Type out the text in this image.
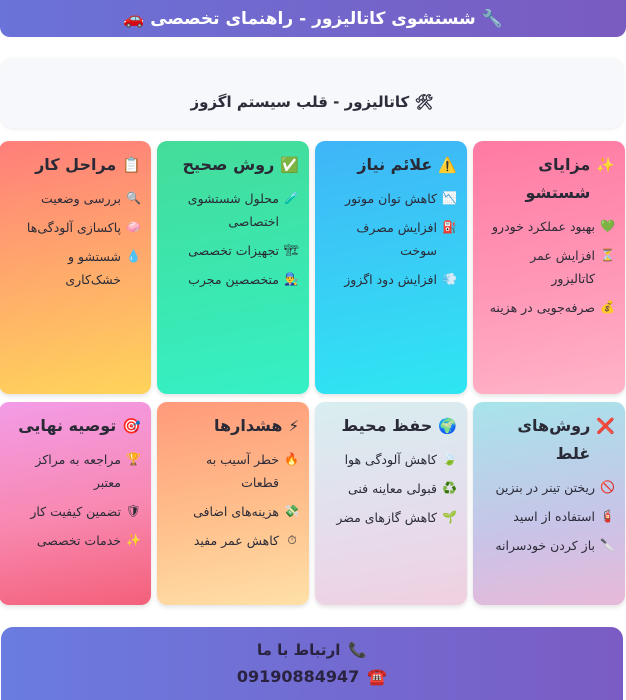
🔧

شستشوی کاتالیزور - راهنمای تخصصی

🚗
🛠

کاتالیزور - قلب سیستم اگزوز
✨
مزایای شستشو
💚
بهبود عملکرد خودرو
⏳
افزایش عمر کاتالیزور
💰
صرفه‌جویی در هزینه
⚠️
علائم نیاز
📉
کاهش توان موتور
⛽
افزایش مصرف سوخت
💨
افزایش دود اگزوز
✅
روش صحیح
🧪
محلول شستشوی اختصاصی
🏗
تجهیزات تخصصی
👨‍🔧
متخصصین مجرب
📋
مراحل کار
🔍
بررسی وضعیت
🧼
پاکسازی آلودگی‌ها
💧
شستشو و خشک‌کاری
❌
روش‌های غلط
🚫
ریختن تینر در بنزین
🧯
استفاده از اسید
🔪
باز کردن خودسرانه
🌍
حفظ محیط
🍃
کاهش آلودگی هوا
♻️
قبولی معاینه فنی
🌱
کاهش گازهای مضر
⚡
هشدارها
🔥
خطر آسیب به قطعات
💸
هزینه‌های اضافی
⏱
کاهش عمر مفید
🎯
توصیه نهایی
🏆
مراجعه به مراکز معتبر
🛡
تضمین کیفیت کار
✨
خدمات تخصصی
📞
ارتباط با ما
☎️
09190884947
